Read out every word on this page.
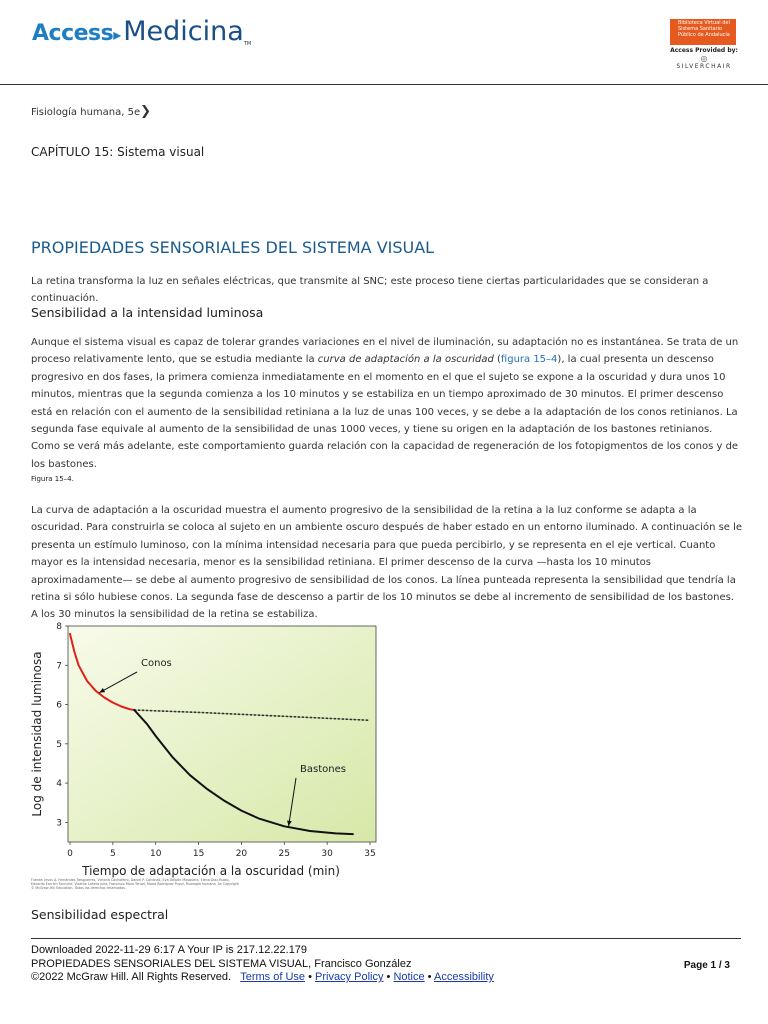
Access▸MedicinaTM
Biblioteca Virtual del Sistema Sanitario Público de Andalucía
Access Provided by:
◎
SILVERCHAIR
Fisiología humana, 5e❯
CAPÍTULO 15: Sistema visual
PROPIEDADES SENSORIALES DEL SISTEMA VISUAL

La retina transforma la luz en señales eléctricas, que transmite al SNC; este proceso tiene ciertas particularidades que se consideran a continuación.

Sensibilidad a la intensidad luminosa

Aunque el sistema visual es capaz de tolerar grandes variaciones en el nivel de iluminación, su adaptación no es instantánea. Se trata de un proceso relativamente lento, que se estudia mediante la curva de adaptación a la oscuridad (figura 15–4), la cual presenta un descenso progresivo en dos fases, la primera comienza inmediatamente en el momento en el que el sujeto se expone a la oscuridad y dura unos 10 minutos, mientras que la segunda comienza a los 10 minutos y se estabiliza en un tiempo aproximado de 30 minutos. El primer descenso está en relación con el aumento de la sensibilidad retiniana a la luz de unas 100 veces, y se debe a la adaptación de los conos retinianos. La segunda fase equivale al aumento de la sensibilidad de unas 1000 veces, y tiene su origen en la adaptación de los bastones retinianos. Como se verá más adelante, este comportamiento guarda relación con la capacidad de regeneración de los fotopigmentos de los conos y de los bastones.

Figura 15–4.

La curva de adaptación a la oscuridad muestra el aumento progresivo de la sensibilidad de la retina a la luz conforme se adapta a la oscuridad. Para construirla se coloca al sujeto en un ambiente oscuro después de haber estado en un entorno iluminado. A continuación se le presenta un estímulo luminoso, con la mínima intensidad necesaria para que pueda percibirlo, y se representa en el eje vertical. Cuanto mayor es la intensidad necesaria, menor es la sensibilidad retiniana. El primer descenso de la curva —hasta los 10 minutos aproximadamente— se debe al aumento progresivo de sensibilidad de los conos. La línea punteada representa la sensibilidad que tendría la retina si sólo hubiese conos. La segunda fase de descenso a partir de los 10 minutos se debe al incremento de sensibilidad de los bastones. A los 30 minutos la sensibilidad de la retina se estabiliza.

0	5	10	15	20	25	30	35
3
4
5
6
7
8
Conos
Bastones
Tiempo de adaptación a la oscuridad (min)
Log de intensidad luminosa
Fuente: Jesús A. Fernández-Tresguerres, Victoria Cachofeiro, Daniel P. Cardinali, Eva Delpón Mosquera, Elena Díaz-Rubio, Eduardo Escrich Escriche, Vicente Lahera Juliá, Francisco Mora Teruel, María Rodríguez Puyol, Fisiología humana, 5e Copyright © McGraw-Hill Education. Todos los derechos reservados.
Sensibilidad espectral
Downloaded 2022-11-29 6:17 A Your IP is 217.12.22.179
PROPIEDADES SENSORIALES DEL SISTEMA VISUAL, Francisco González
©2022 McGraw Hill. All Rights Reserved. Terms of Use • Privacy Policy • Notice • Accessibility
Page 1 / 3
